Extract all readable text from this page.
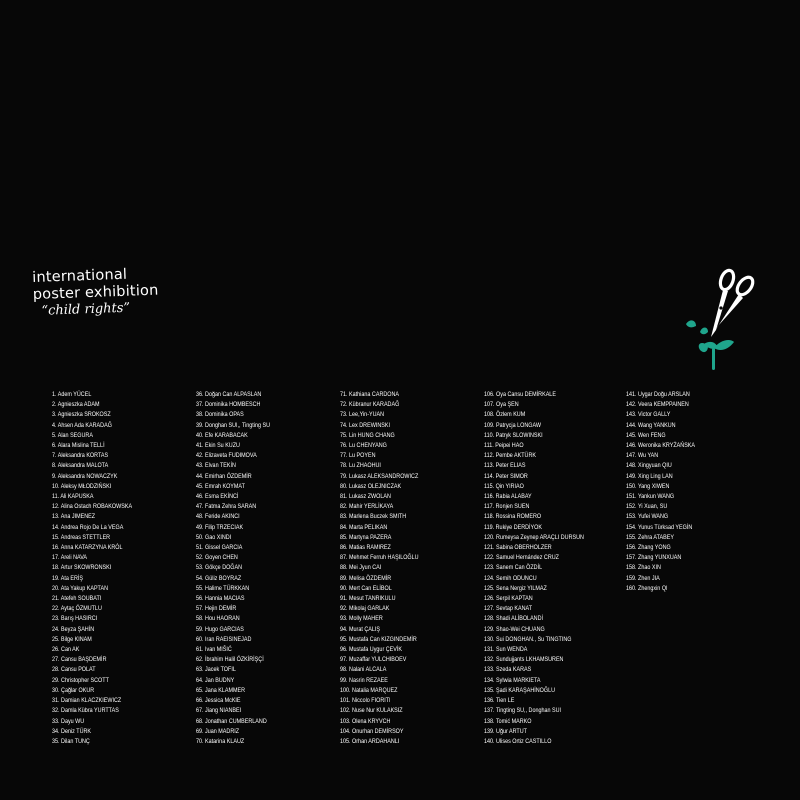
international
poster exhibition
“child rights”
1. Adem YÜCEL
2. Agnieszka ADAM
3. Agnieszka SROKOSZ
4. Ahsen Ada KARADAĞ
5. Alan SEGURA
6. Alara Mislina TELLİ
7. Aleksandra KORTAS
8. Aleksandra MALOTA
9. Aleksandra NOWACZYK
10. Aleksy MŁODZIŃSKI
11. Ali KAPUSKA
12. Alina Ostach ROBAKOWSKA
13. Ana JIMENEZ
14. Andrea Rojo De La VEGA
15. Andreas STETTLER
16. Anna KATARZYNA KRÓL
17. Areli NAVA
18. Artur SKOWRONSKI
19. Ata ERİŞ
20. Ata Yakup KAPTAN
21. Atefeh SOUBATI
22. Aytaç ÖZMUTLU
23. Barış HASIRCI
24. Beyza ŞAHİN
25. Bilge KINAM
26. Can AK
27. Cansu BAŞDEMİR
28. Cansu POLAT
29. Christopher SCOTT
30. Çağlar OKUR
31. Damian KLACZKIEWICZ
32. Damla Kübra YURTTAS
33. Dayu WU
34. Deniz TÜRK
35. Dilan TUNÇ
36. Doğan Can ALPASLAN
37. Dominika HOMBESCH
38. Dominika OPAS
39. Donghan SUI,, Tingting SU
40. Efe KARABACAK
41. Ekin Su KUZU
42. Elizaveta FUDIMOVA
43. Elvan TEKİN
44. Emirhan ÖZDEMİR
45. Emrah KOYMAT
46. Esma EKİNCİ
47. Fatma Zehra SARAN
48. Feride AKINCI
49. Filip TRZECIAK
50. Gao XINDI
51. Gissel GARCIA
52. Goyen CHEN
53. Gökçe DOĞAN
54. Güliz BOYRAZ
55. Halime TÜRKKAN
56. Hannia MACIAS
57. Hejin DEMİR
58. Hou HAORAN
59. Hugo GARCIAS
60. Iran RAEISINEJAD
61. Ivan MIŠIĆ
62. İbrahim Halil ÖZKİRİŞÇİ
63. Jacek TOFIL
64. Jan BUDNY
65. Jana KLAMMER
66. Jessica McKIE
67. Jiang NIANBEI
68. Jonathan CUMBERLAND
69. Juan MADRIZ
70. Katarina KLAUZ
71. Kathiana CARDONA
72. Kübranur KARADAĞ
73. Lee,Yin-YUAN
74. Lex DREWINSKI
75. Lin HUNG CHANG
76. Lu CHENYANG
77. Lu POYEN
78. Lu ZHAOHUI
79. Lukasz ALEKSANDROWICZ
80. Lukasz OLEJNICZAK
81. Lukasz ZWOLAN
82. Mahir YERLİKAYA
83. Marlena Buczek SMITH
84. Marta PELIKAN
85. Martyna PAZERA
86. Matias RAMIREZ
87. Mehmet Ferruh HAŞILOĞLU
88. Mei Jyun CAI
89. Melisa ÖZDEMİR
90. Mert Can ELİBOL
91. Mesut TANRIKULU
92. Mikolaj GARLAK
93. Molly MAHER
94. Murat ÇALIŞ
95. Mustafa Can KIZGINDEMİR
96. Mustafa Uygur ÇEVİK
97. Muzaffar YULCHIBOEV
98. Nalani ALCALA
99. Nasrin REZAEE
100. Natalia MARQUEZ
101. Niccolo FIORITI
102. Nuse Nur KULAKSIZ
103. Olena KRYVCH
104. Onurhan DEMİRSOY
105. Orhan ARDAHANLI
106. Oya Cansu DEMİRKALE
107. Oya ŞEN
108. Özlem KUM
109. Patrycja LONGAW
110. Patryk SLOWINSKI
111. Peipei HAO
112. Pembe AKTÜRK
113. Peter ELIAS
114. Peter SIMOR
115. Qin YIRIAO
116. Rabia ALABAY
117. Ronjen SUEN
118. Rossina ROMERO
119. Rukiye DERDİYOK
120. Rumeysa Zeynep ARAÇLI DURSUN
121. Sabina OBERHOLZER
122. Samuel Hernández CRUZ
123. Sanem Can ÖZDİL
124. Semih ODUNCU
125. Sena Nergiz YILMAZ
126. Serpil KAPTAN
127. Sevtap KANAT
128. Shadi ALİBOLANDİ
129. Shao-Wei CHUANG
130. Sui DONGHAN., Su TINGTING
131. Sun WENDA
132. Sundujjants LKHAMSUREN
133. Szeda KARAS
134. Sylwia MARKIETA
135. Şadi KARAŞAHİNOĞLU
136. Tien LE
137. Tingting SU,, Donghan SUI
138. Tomić MARKO
139. Uğur ARTUT
140. Ulises Ortiz CASTILLO
141. Uygar Doğu ARSLAN
142. Veera KEMPPAINEN
143. Victor GALLY
144. Wang YANKUN
145. Wen FENG
146. Weronika KRYŻAŃSKA
147. Wu YAN
148. Xingyuan QIU
149. Xing Ling LAN
150. Yang XIWEN
151. Yankun WANG
152. Yi Xuan, SU
153. Yufei WANG
154. Yunus Türksad YEGİN
155. Zehra ATABEY
156. Zhang YONG
157. Zhang YUNXUAN
158. Zhao XIN
159. Zhen JIA
160. Zhengxin QI
